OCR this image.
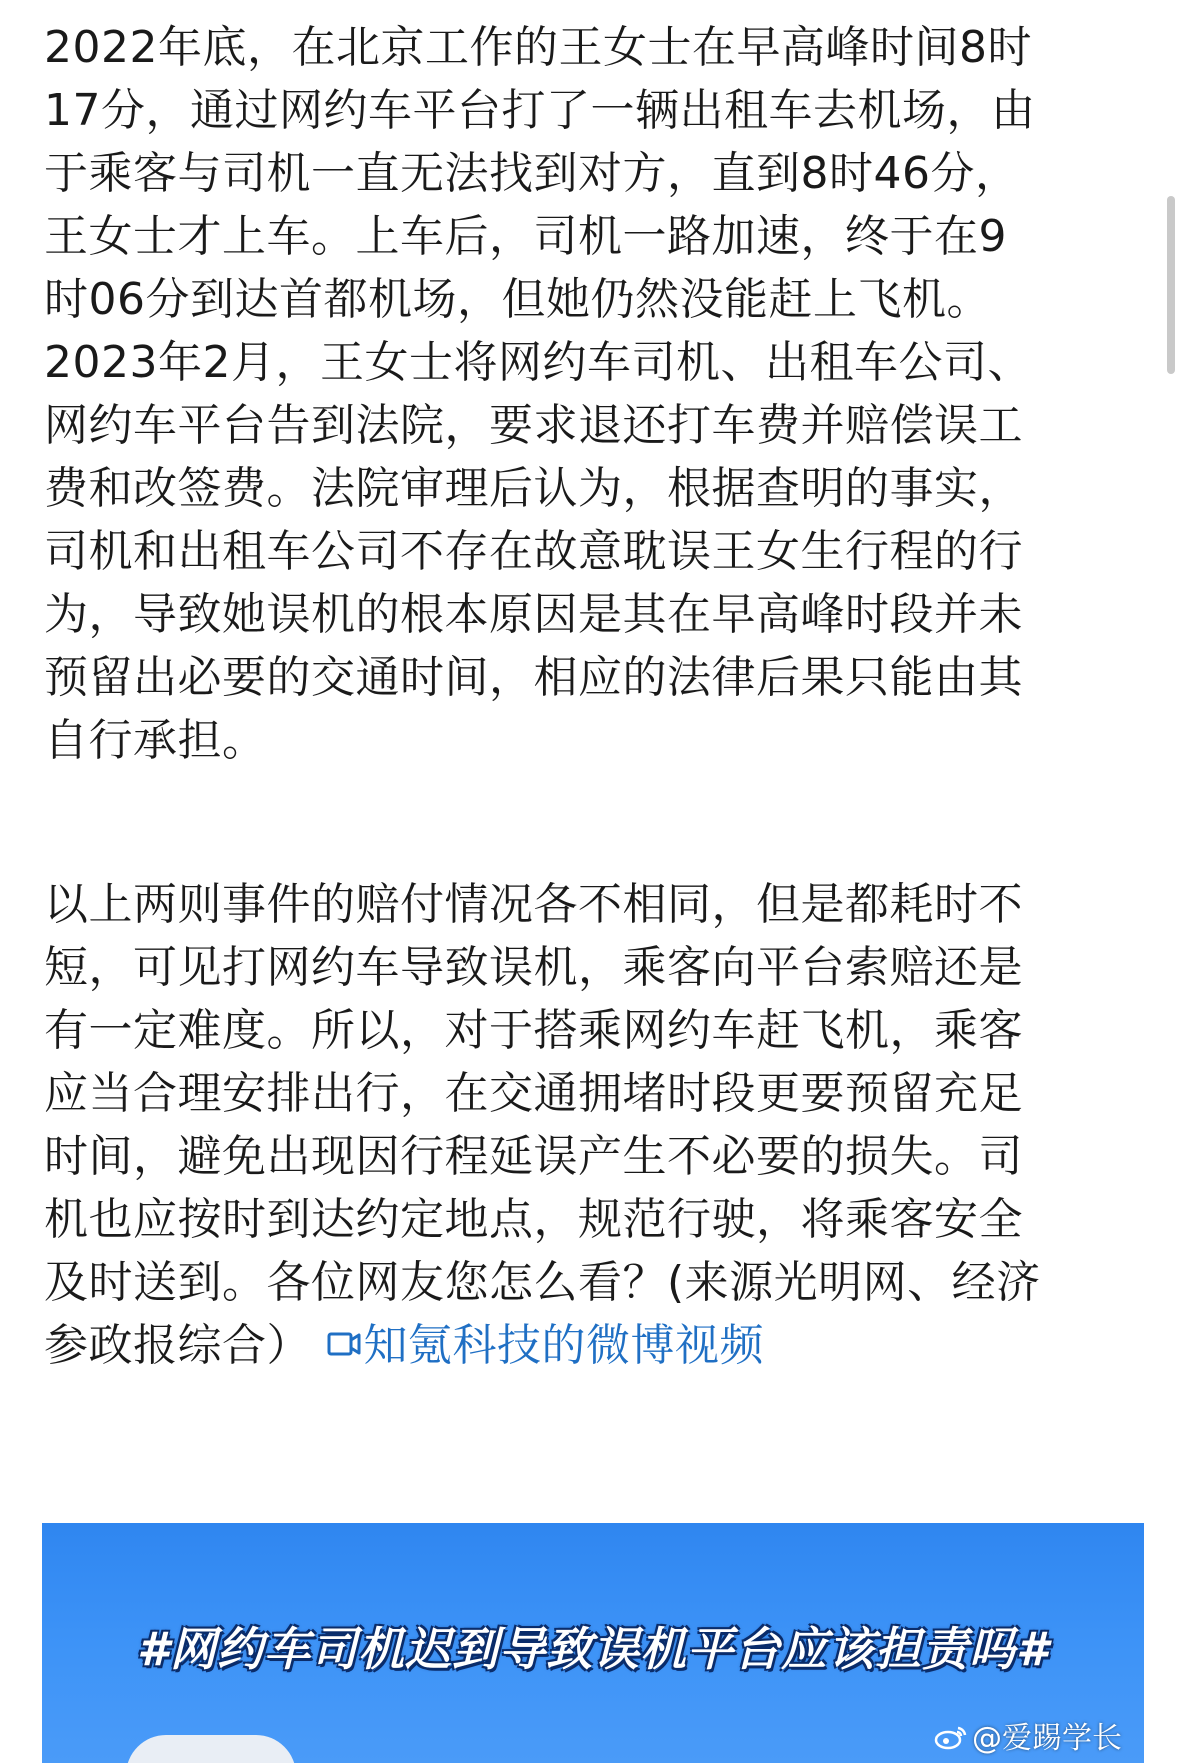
2022年底，在北京工作的王女士在早高峰时间8时
17分，通过网约车平台打了一辆出租车去机场，由
于乘客与司机一直无法找到对方，直到8时46分，
王女士才上车。上车后，司机一路加速，终于在9
时06分到达首都机场，但她仍然没能赶上飞机。
2023年2月，王女士将网约车司机、出租车公司、
网约车平台告到法院，要求退还打车费并赔偿误工
费和改签费。法院审理后认为，根据查明的事实，
司机和出租车公司不存在故意耽误王女生行程的行
为，导致她误机的根本原因是其在早高峰时段并未
预留出必要的交通时间，相应的法律后果只能由其
自行承担。
以上两则事件的赔付情况各不相同，但是都耗时不
短，可见打网约车导致误机，乘客向平台索赔还是
有一定难度。所以，对于搭乘网约车赶飞机，乘客
应当合理安排出行，在交通拥堵时段更要预留充足
时间，避免出现因行程延误产生不必要的损失。司
机也应按时到达约定地点，规范行驶，将乘客安全
及时送到。各位网友您怎么看？(来源光明网、经济
参政报综合） 知氪科技的微博视频
#网约车司机迟到导致误机平台应该担责吗#
@爱踢学长
